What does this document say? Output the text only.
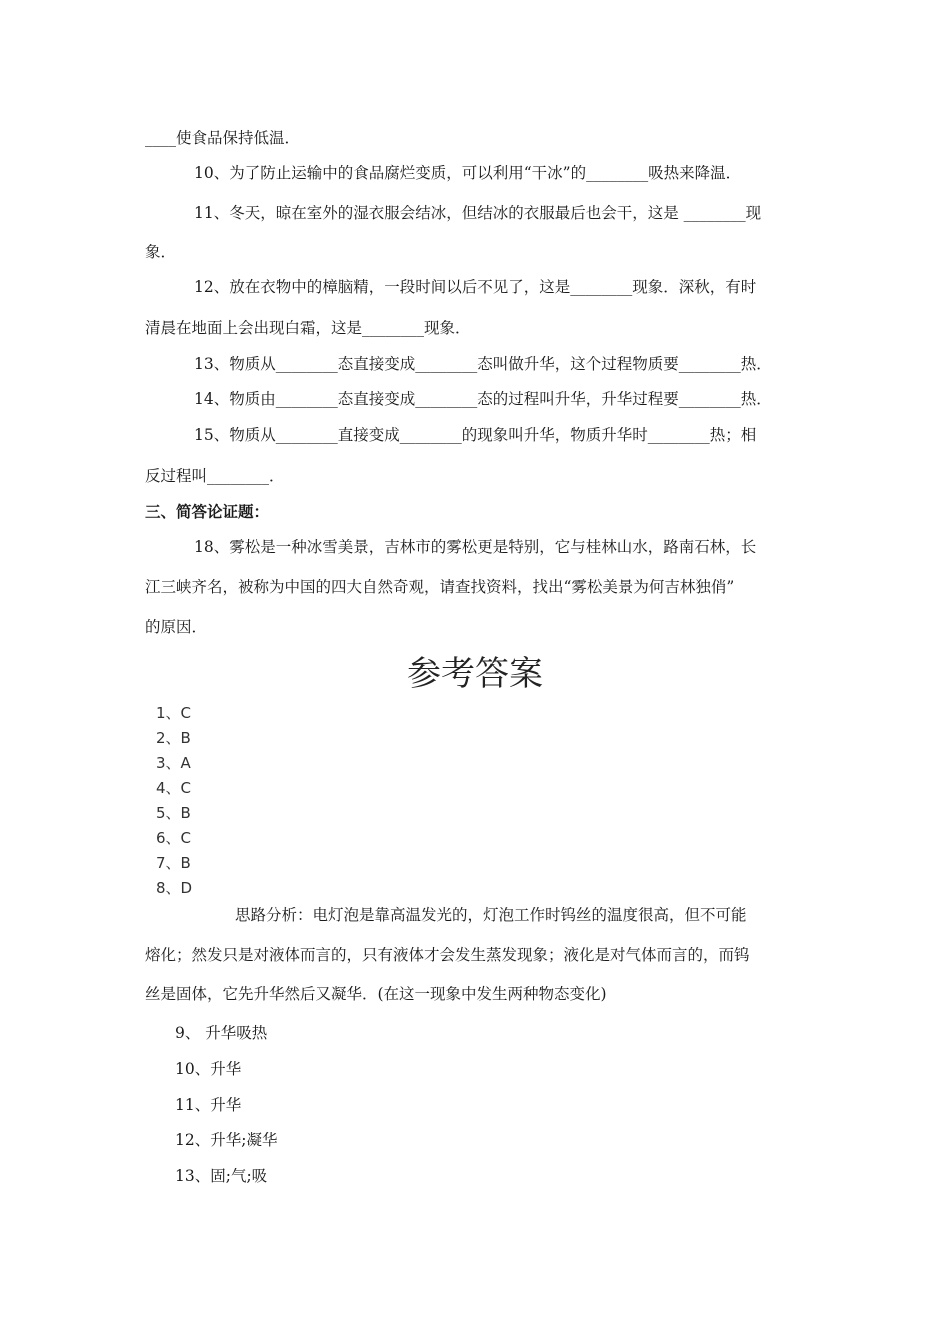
____使食品保持低温．
10、为了防止运输中的食品腐烂变质，可以利用“干冰”的________吸热来降温．
11、冬天，晾在室外的湿衣服会结冰，但结冰的衣服最后也会干，这是 ________现
象．
12、放在衣物中的樟脑精，一段时间以后不见了，这是________现象．深秋，有时
清晨在地面上会出现白霜，这是________现象．
13、物质从________态直接变成________态叫做升华，这个过程物质要________热．
14、物质由________态直接变成________态的过程叫升华，升华过程要________热．
15、物质从________直接变成________的现象叫升华，物质升华时________热；相
反过程叫________．
三、简答论证题：
18、雾松是一种冰雪美景，吉林市的雾松更是特别，它与桂林山水，路南石林，长
江三峡齐名，被称为中国的四大自然奇观，请查找资料，找出“雾松美景为何吉林独俏”
的原因．
参考答案
1、C
2、B
3、A
4、C
5、B
6、C
7、B
8、D
思路分析：电灯泡是靠高温发光的，灯泡工作时钨丝的温度很高，但不可能
熔化；然发只是对液体而言的，只有液体才会发生蒸发现象；液化是对气体而言的，而钨
丝是固体，它先升华然后又凝华．(在这一现象中发生两种物态变化)
9、 升华吸热
10、升华
11、升华
12、升华;凝华
13、固;气;吸
